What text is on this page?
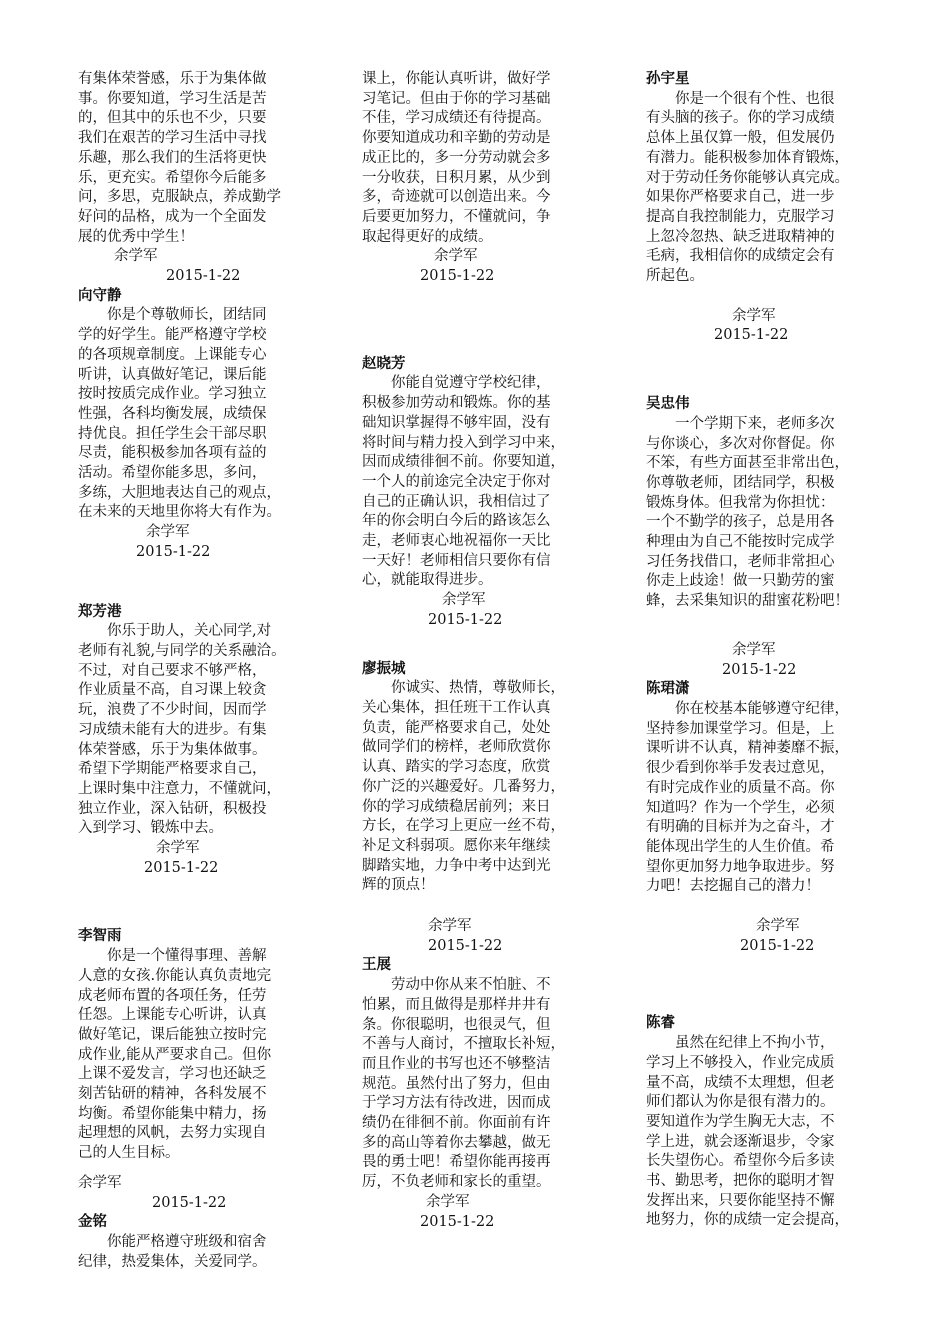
有集体荣誉感，乐于为集体做
事。你要知道，学习生活是苦
的，但其中的乐也不少，只要
我们在艰苦的学习生活中寻找
乐趣，那么我们的生活将更快
乐，更充实。希望你今后能多
问，多思，克服缺点，养成勤学
好问的品格，成为一个全面发
展的优秀中学生！
余学军
2015-1-22
向守静
　　你是个尊敬师长，团结同
学的好学生。能严格遵守学校
的各项规章制度。上课能专心
听讲，认真做好笔记，课后能
按时按质完成作业。学习独立
性强，各科均衡发展，成绩保
持优良。担任学生会干部尽职
尽责，能积极参加各项有益的
活动。希望你能多思，多问，
多练，大胆地表达自己的观点，
在未来的天地里你将大有作为。
余学军
2015-1-22
郑芳港
　　你乐于助人，关心同学,对
老师有礼貌,与同学的关系融洽。
不过，对自己要求不够严格，
作业质量不高，自习课上较贪
玩，浪费了不少时间，因而学
习成绩未能有大的进步。有集
体荣誉感，乐于为集体做事。
希望下学期能严格要求自己，
上课时集中注意力，不懂就问，
独立作业，深入钻研，积极投
入到学习、锻炼中去。
余学军
2015-1-22
李智雨
　　你是一个懂得事理、善解
人意的女孩.你能认真负责地完
成老师布置的各项任务，任劳
任怨。上课能专心听讲，认真
做好笔记，课后能独立按时完
成作业,能从严要求自己。但你
上课不爱发言，学习也还缺乏
刻苦钻研的精神，各科发展不
均衡。希望你能集中精力，扬
起理想的风帆，去努力实现自
己的人生目标。
余学军
2015-1-22
金铭
　　你能严格遵守班级和宿舍
纪律，热爱集体，关爱同学。
课上，你能认真听讲，做好学
习笔记。但由于你的学习基础
不佳，学习成绩还有待提高。
你要知道成功和辛勤的劳动是
成正比的，多一分劳动就会多
一分收获，日积月累，从少到
多，奇迹就可以创造出来。今
后要更加努力，不懂就问，争
取起得更好的成绩。
余学军
2015-1-22
赵晓芳
　　你能自觉遵守学校纪律，
积极参加劳动和锻炼。你的基
础知识掌握得不够牢固，没有
将时间与精力投入到学习中来，
因而成绩徘徊不前。你要知道，
一个人的前途完全决定于你对
自己的正确认识，我相信过了
年的你会明白今后的路该怎么
走，老师衷心地祝福你一天比
一天好！老师相信只要你有信
心，就能取得进步。
余学军
2015-1-22
廖振城
　　你诚实、热情，尊敬师长，
关心集体，担任班干工作认真
负责，能严格要求自己，处处
做同学们的榜样，老师欣赏你
认真、踏实的学习态度，欣赏
你广泛的兴趣爱好。几番努力，
你的学习成绩稳居前列；来日
方长，在学习上更应一丝不苟，
补足文科弱项。愿你来年继续
脚踏实地，力争中考中达到光
辉的顶点！
余学军
2015-1-22
王展
　　劳动中你从来不怕脏、不
怕累，而且做得是那样井井有
条。你很聪明，也很灵气，但
不善与人商讨，不擅取长补短，
而且作业的书写也还不够整洁
规范。虽然付出了努力，但由
于学习方法有待改进，因而成
绩仍在徘徊不前。你面前有许
多的高山等着你去攀越，做无
畏的勇士吧！希望你能再接再
厉，不负老师和家长的重望。
余学军
2015-1-22
孙宇星
　　你是一个很有个性、也很
有头脑的孩子。你的学习成绩
总体上虽仅算一般，但发展仍
有潜力。能积极参加体育锻炼，
对于劳动任务你能够认真完成。
如果你严格要求自己，进一步
提高自我控制能力，克服学习
上忽冷忽热、缺乏进取精神的
毛病，我相信你的成绩定会有
所起色。
余学军
2015-1-22
吴忠伟
　　一个学期下来，老师多次
与你谈心，多次对你督促。你
不笨，有些方面甚至非常出色，
你尊敬老师，团结同学，积极
锻炼身体。但我常为你担忧：
一个不勤学的孩子，总是用各
种理由为自己不能按时完成学
习任务找借口，老师非常担心
你走上歧途！做一只勤劳的蜜
蜂，去采集知识的甜蜜花粉吧！
余学军
2015-1-22
陈珺潇
　　你在校基本能够遵守纪律，
坚持参加课堂学习。但是，上
课听讲不认真，精神萎靡不振，
很少看到你举手发表过意见，
有时完成作业的质量不高。你
知道吗？作为一个学生，必须
有明确的目标并为之奋斗，才
能体现出学生的人生价值。希
望你更加努力地争取进步。努
力吧！去挖掘自己的潜力！
余学军
2015-1-22
陈睿
　　虽然在纪律上不拘小节，
学习上不够投入，作业完成质
量不高，成绩不太理想，但老
师们都认为你是很有潜力的。
要知道作为学生胸无大志，不
学上进，就会逐渐退步，令家
长失望伤心。希望你今后多读
书、勤思考，把你的聪明才智
发挥出来，只要你能坚持不懈
地努力，你的成绩一定会提高，
